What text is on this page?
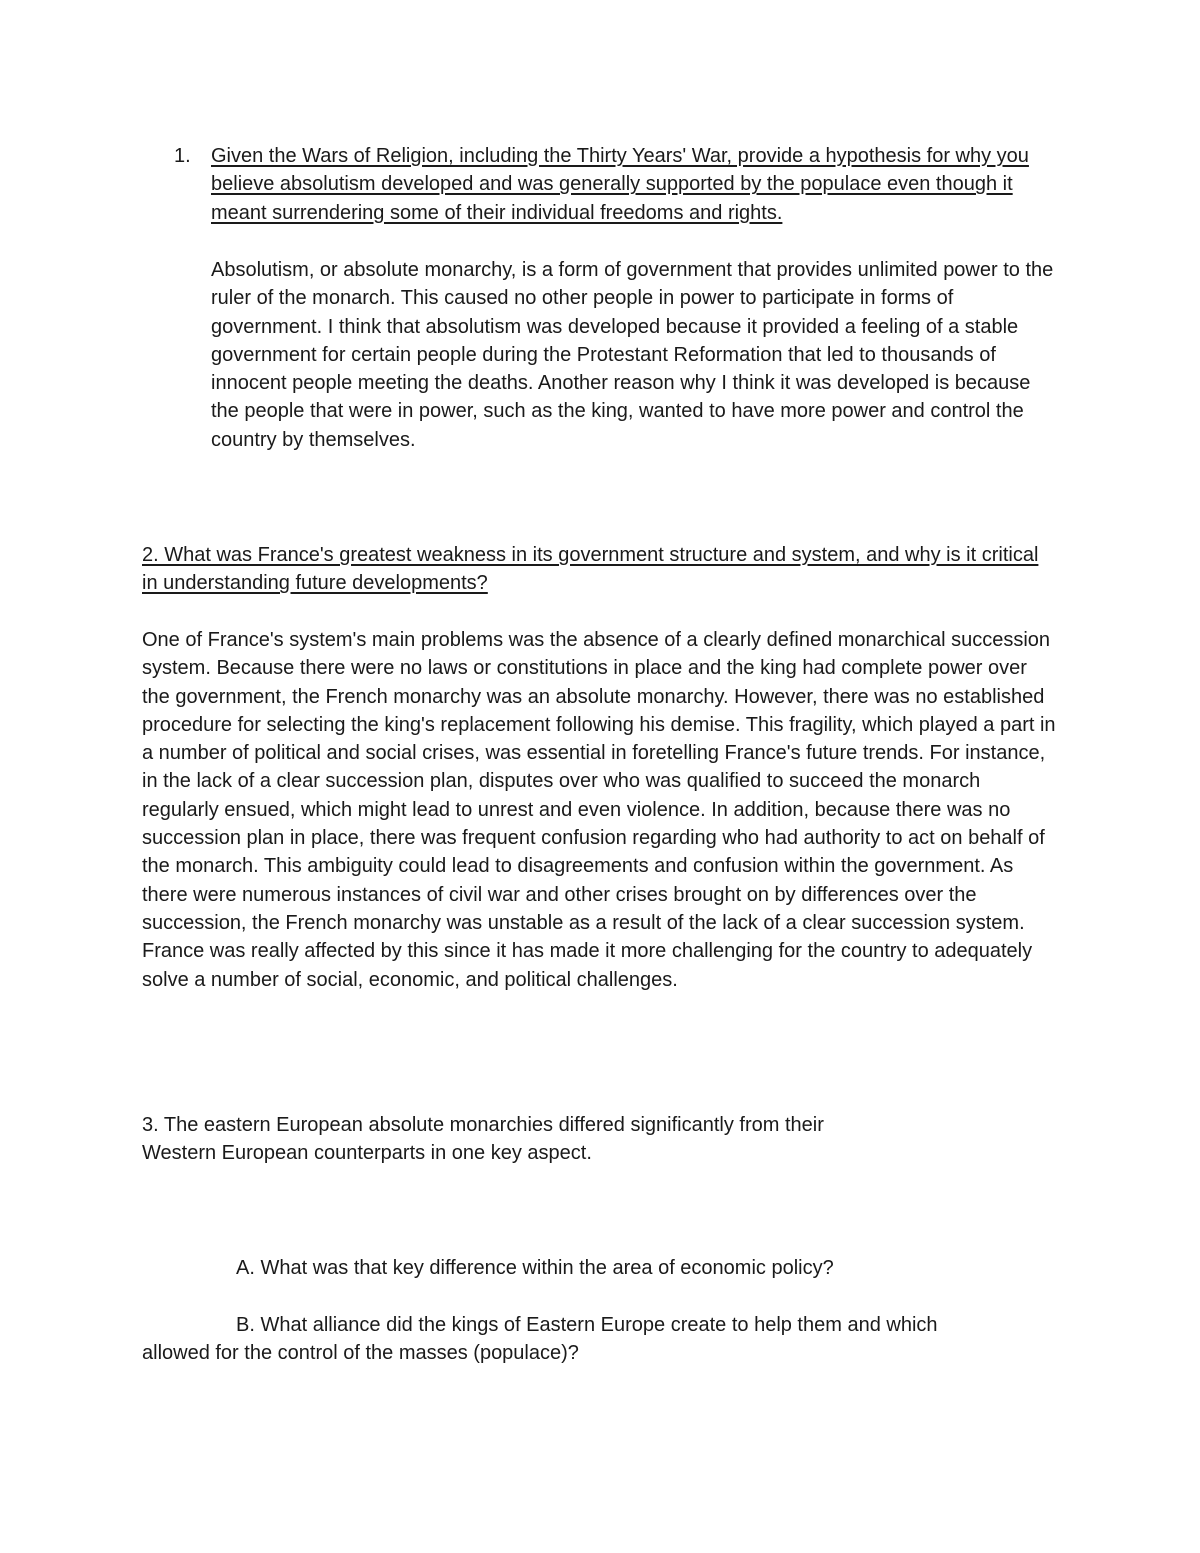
1.	Given the Wars of Religion, including the Thirty Years' War, provide a hypothesis for why you believe absolutism developed and was generally supported by the populace even though it meant surrendering some of their individual freedoms and rights.

Absolutism, or absolute monarchy, is a form of government that provides unlimited power to the ruler of the monarch. This caused no other people in power to participate in forms of government. I think that absolutism was developed because it provided a feeling of a stable government for certain people during the Protestant Reformation that led to thousands of innocent people meeting the deaths. Another reason why I think it was developed is because the people that were in power, such as the king, wanted to have more power and control the country by themselves.

2. What was France's greatest weakness in its government structure and system, and why is it critical in understanding future developments?

One of France's system's main problems was the absence of a clearly defined monarchical succession system. Because there were no laws or constitutions in place and the king had complete power over the government, the French monarchy was an absolute monarchy. However, there was no established procedure for selecting the king's replacement following his demise. This fragility, which played a part in a number of political and social crises, was essential in foretelling France's future trends. For instance, in the lack of a clear succession plan, disputes over who was qualified to succeed the monarch regularly ensued, which might lead to unrest and even violence. In addition, because there was no succession plan in place, there was frequent confusion regarding who had authority to act on behalf of the monarch. This ambiguity could lead to disagreements and confusion within the government. As there were numerous instances of civil war and other crises brought on by differences over the succession, the French monarchy was unstable as a result of the lack of a clear succession system. France was really affected by this since it has made it more challenging for the country to adequately solve a number of social, economic, and political challenges.

3. The eastern European absolute monarchies differed significantly from their Western European counterparts in one key aspect.

A. What was that key difference within the area of economic policy?

B. What alliance did the kings of Eastern Europe create to help them and which allowed for the control of the masses (populace)?
